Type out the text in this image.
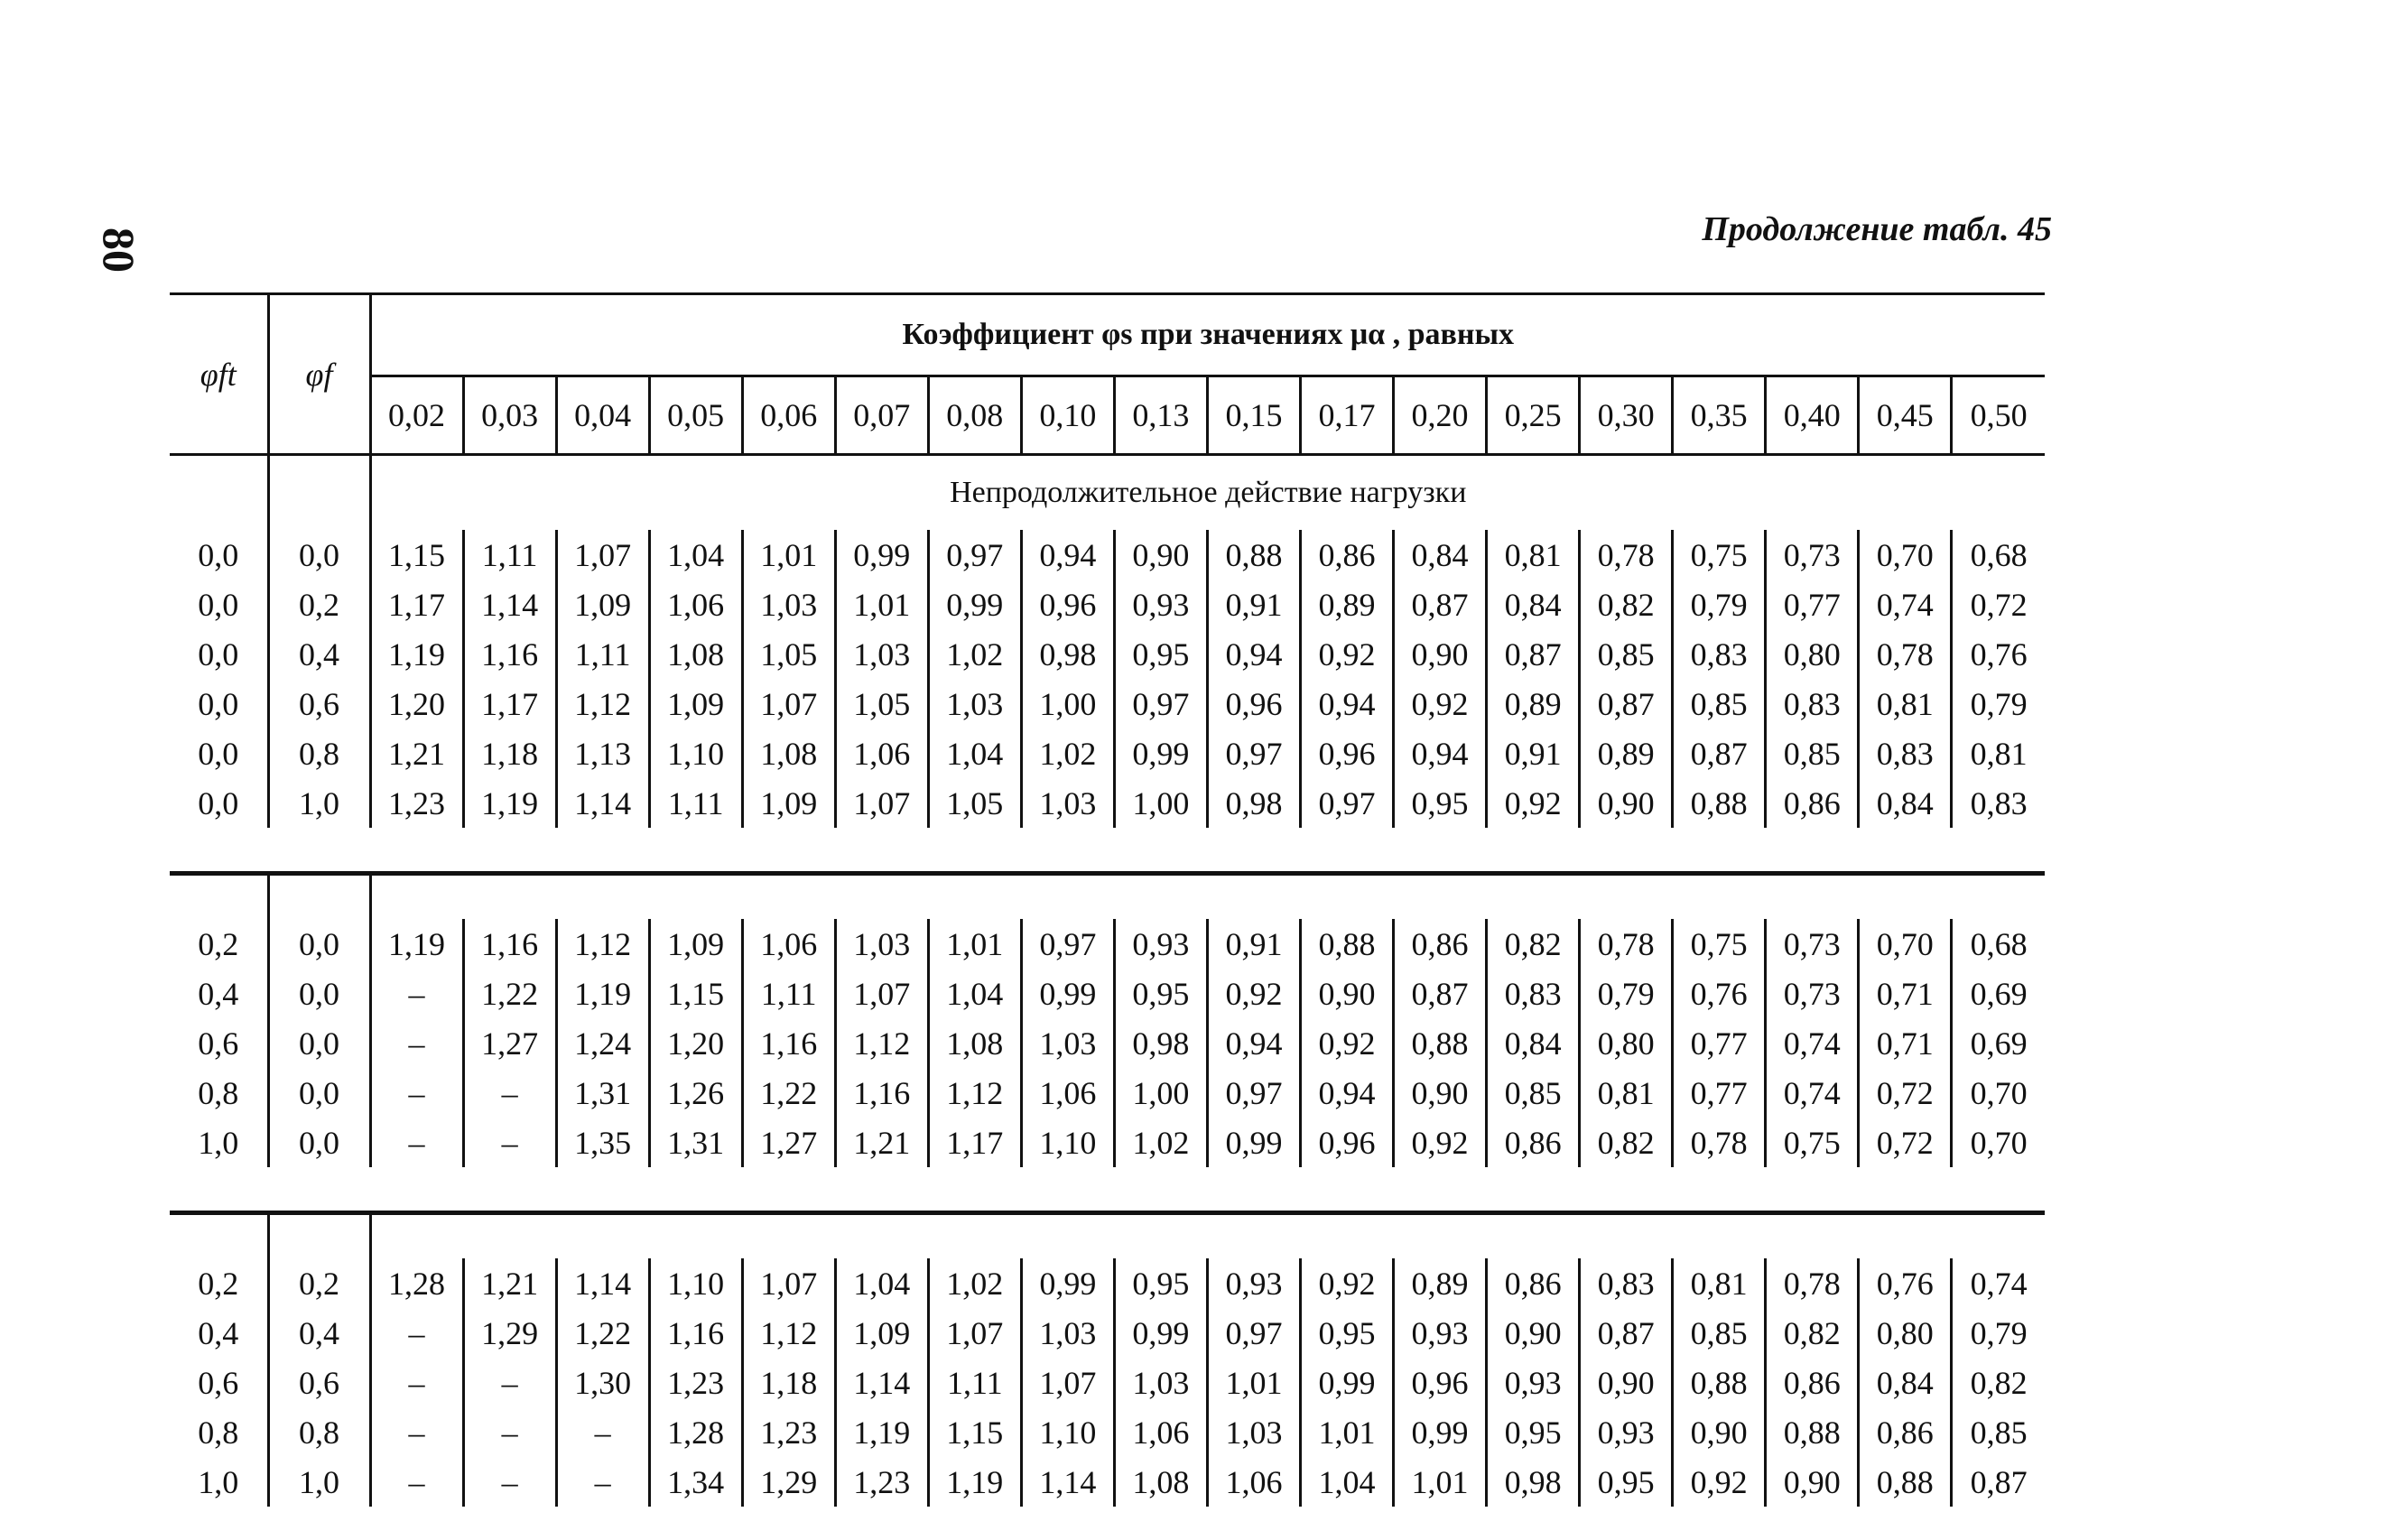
80	Продолжение табл. 45
φft	φf	Коэффициент φs при значениях μα , равных																	
		0,02	0,03	0,04	0,05	0,06	0,07	0,08	0,10	0,13	0,15	0,17	0,20	0,25	0,30	0,35	0,40	0,45	0,50
		Непродолжительное действие нагрузки																	
0,0	0,0	1,15	1,11	1,07	1,04	1,01	0,99	0,97	0,94	0,90	0,88	0,86	0,84	0,81	0,78	0,75	0,73	0,70	0,68
0,0	0,2	1,17	1,14	1,09	1,06	1,03	1,01	0,99	0,96	0,93	0,91	0,89	0,87	0,84	0,82	0,79	0,77	0,74	0,72
0,0	0,4	1,19	1,16	1,11	1,08	1,05	1,03	1,02	0,98	0,95	0,94	0,92	0,90	0,87	0,85	0,83	0,80	0,78	0,76
0,0	0,6	1,20	1,17	1,12	1,09	1,07	1,05	1,03	1,00	0,97	0,96	0,94	0,92	0,89	0,87	0,85	0,83	0,81	0,79
0,0	0,8	1,21	1,18	1,13	1,10	1,08	1,06	1,04	1,02	0,99	0,97	0,96	0,94	0,91	0,89	0,87	0,85	0,83	0,81
0,0	1,0	1,23	1,19	1,14	1,11	1,09	1,07	1,05	1,03	1,00	0,98	0,97	0,95	0,92	0,90	0,88	0,86	0,84	0,83

0,2	0,0	1,19	1,16	1,12	1,09	1,06	1,03	1,01	0,97	0,93	0,91	0,88	0,86	0,82	0,78	0,75	0,73	0,70	0,68
0,4	0,0	–	1,22	1,19	1,15	1,11	1,07	1,04	0,99	0,95	0,92	0,90	0,87	0,83	0,79	0,76	0,73	0,71	0,69
0,6	0,0	–	1,27	1,24	1,20	1,16	1,12	1,08	1,03	0,98	0,94	0,92	0,88	0,84	0,80	0,77	0,74	0,71	0,69
0,8	0,0	–	–	1,31	1,26	1,22	1,16	1,12	1,06	1,00	0,97	0,94	0,90	0,85	0,81	0,77	0,74	0,72	0,70
1,0	0,0	–	–	1,35	1,31	1,27	1,21	1,17	1,10	1,02	0,99	0,96	0,92	0,86	0,82	0,78	0,75	0,72	0,70

0,2	0,2	1,28	1,21	1,14	1,10	1,07	1,04	1,02	0,99	0,95	0,93	0,92	0,89	0,86	0,83	0,81	0,78	0,76	0,74
0,4	0,4	–	1,29	1,22	1,16	1,12	1,09	1,07	1,03	0,99	0,97	0,95	0,93	0,90	0,87	0,85	0,82	0,80	0,79
0,6	0,6	–	–	1,30	1,23	1,18	1,14	1,11	1,07	1,03	1,01	0,99	0,96	0,93	0,90	0,88	0,86	0,84	0,82
0,8	0,8	–	–	–	1,28	1,23	1,19	1,15	1,10	1,06	1,03	1,01	0,99	0,95	0,93	0,90	0,88	0,86	0,85
1,0	1,0	–	–	–	1,34	1,29	1,23	1,19	1,14	1,08	1,06	1,04	1,01	0,98	0,95	0,92	0,90	0,88	0,87
